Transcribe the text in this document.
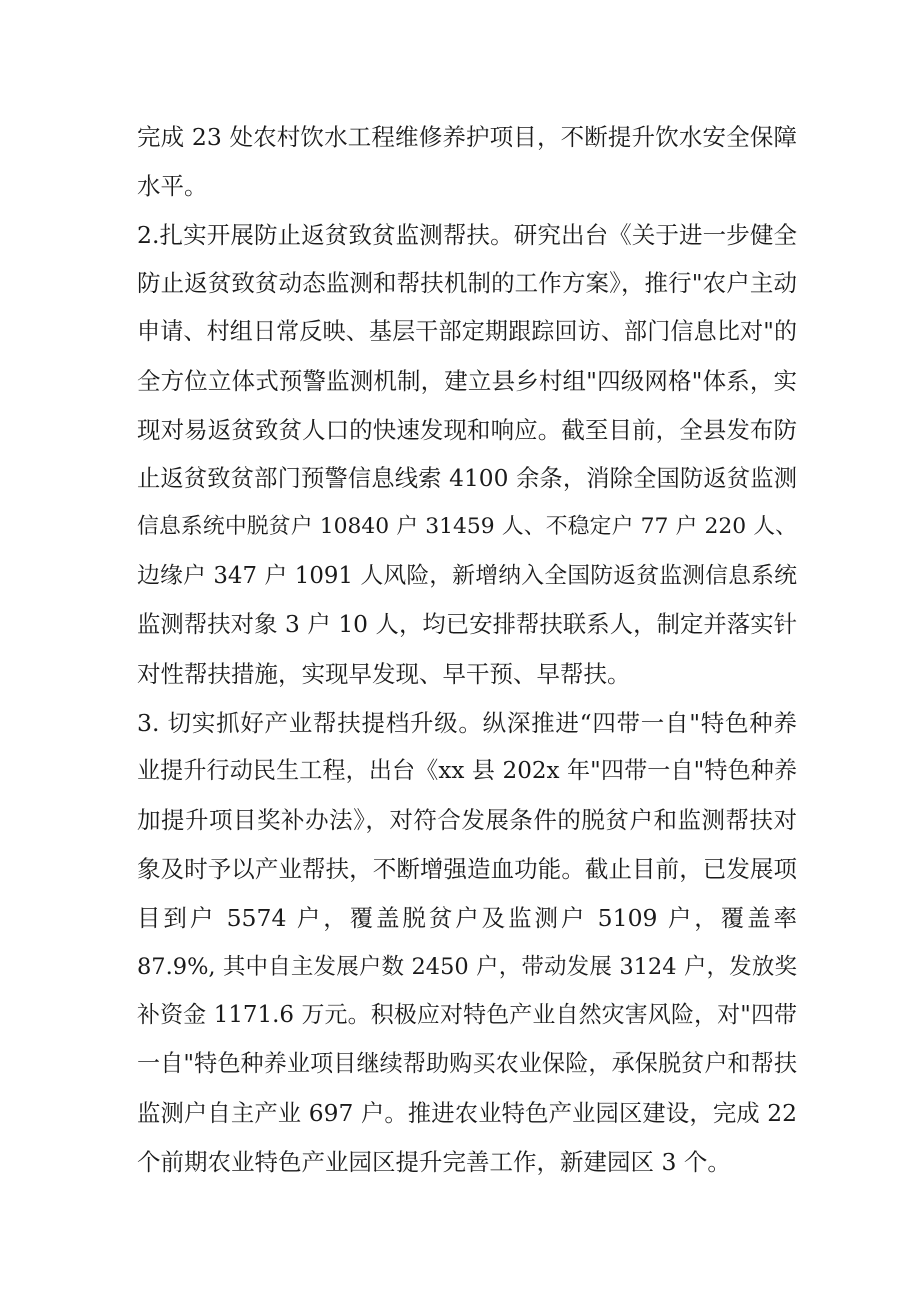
完成 23 处农村饮水工程维修养护项目，不断提升饮水安全保障
水平。
2.扎实开展防止返贫致贫监测帮扶。研究出台《关于进一步健全
防止返贫致贫动态监测和帮扶机制的工作方案》，推行"农户主动
申请、村组日常反映、基层干部定期跟踪回访、部门信息比对"的
全方位立体式预警监测机制，建立县乡村组"四级网格"体系，实
现对易返贫致贫人口的快速发现和响应。截至目前，全县发布防
止返贫致贫部门预警信息线索 4100 余条，消除全国防返贫监测
信息系统中脱贫户 10840 户 31459 人、不稳定户 77 户 220 人、
边缘户 347 户 1091 人风险，新增纳入全国防返贫监测信息系统
监测帮扶对象 3 户 10 人，均已安排帮扶联系人，制定并落实针
对性帮扶措施，实现早发现、早干预、早帮扶。
3. 切实抓好产业帮扶提档升级。纵深推进“四带一自"特色种养
业提升行动民生工程，出台《xx 县 202x 年"四带一自"特色种养
加提升项目奖补办法》，对符合发展条件的脱贫户和监测帮扶对
象及时予以产业帮扶，不断增强造血功能。截止目前，已发展项
目到户 5574 户，覆盖脱贫户及监测户 5109 户，覆盖率
87.9%, 其中自主发展户数 2450 户，带动发展 3124 户，发放奖
补资金 1171.6 万元。积极应对特色产业自然灾害风险，对"四带
一自"特色种养业项目继续帮助购买农业保险，承保脱贫户和帮扶
监测户自主产业 697 户。推进农业特色产业园区建设，完成 22
个前期农业特色产业园区提升完善工作，新建园区 3 个。
